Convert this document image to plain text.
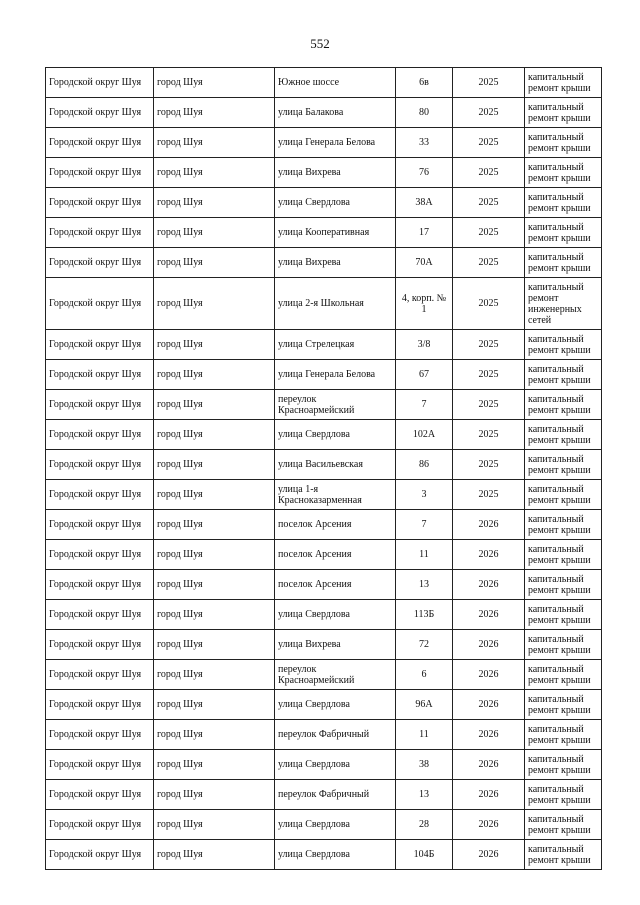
552
Городской округ Шуя	город Шуя	Южное шоссе	6в	2025	капитальный ремонт крыши
Городской округ Шуя	город Шуя	улица Балакова	80	2025	капитальный ремонт крыши
Городской округ Шуя	город Шуя	улица Генерала Белова	33	2025	капитальный ремонт крыши
Городской округ Шуя	город Шуя	улица Вихрева	76	2025	капитальный ремонт крыши
Городской округ Шуя	город Шуя	улица Свердлова	38А	2025	капитальный ремонт крыши
Городской округ Шуя	город Шуя	улица Кооперативная	17	2025	капитальный ремонт крыши
Городской округ Шуя	город Шуя	улица Вихрева	70А	2025	капитальный ремонт крыши
Городской округ Шуя	город Шуя	улица 2-я Школьная	4, корп. № 1	2025	капитальный ремонт инженерных сетей
Городской округ Шуя	город Шуя	улица Стрелецкая	3/8	2025	капитальный ремонт крыши
Городской округ Шуя	город Шуя	улица Генерала Белова	67	2025	капитальный ремонт крыши
Городской округ Шуя	город Шуя	переулок Красноармейский	7	2025	капитальный ремонт крыши
Городской округ Шуя	город Шуя	улица Свердлова	102А	2025	капитальный ремонт крыши
Городской округ Шуя	город Шуя	улица Васильевская	86	2025	капитальный ремонт крыши
Городской округ Шуя	город Шуя	улица 1-я Красноказарменная	3	2025	капитальный ремонт крыши
Городской округ Шуя	город Шуя	поселок Арсения	7	2026	капитальный ремонт крыши
Городской округ Шуя	город Шуя	поселок Арсения	11	2026	капитальный ремонт крыши
Городской округ Шуя	город Шуя	поселок Арсения	13	2026	капитальный ремонт крыши
Городской округ Шуя	город Шуя	улица Свердлова	113Б	2026	капитальный ремонт крыши
Городской округ Шуя	город Шуя	улица Вихрева	72	2026	капитальный ремонт крыши
Городской округ Шуя	город Шуя	переулок Красноармейский	6	2026	капитальный ремонт крыши
Городской округ Шуя	город Шуя	улица Свердлова	96А	2026	капитальный ремонт крыши
Городской округ Шуя	город Шуя	переулок Фабричный	11	2026	капитальный ремонт крыши
Городской округ Шуя	город Шуя	улица Свердлова	38	2026	капитальный ремонт крыши
Городской округ Шуя	город Шуя	переулок Фабричный	13	2026	капитальный ремонт крыши
Городской округ Шуя	город Шуя	улица Свердлова	28	2026	капитальный ремонт крыши
Городской округ Шуя	город Шуя	улица Свердлова	104Б	2026	капитальный ремонт крыши
